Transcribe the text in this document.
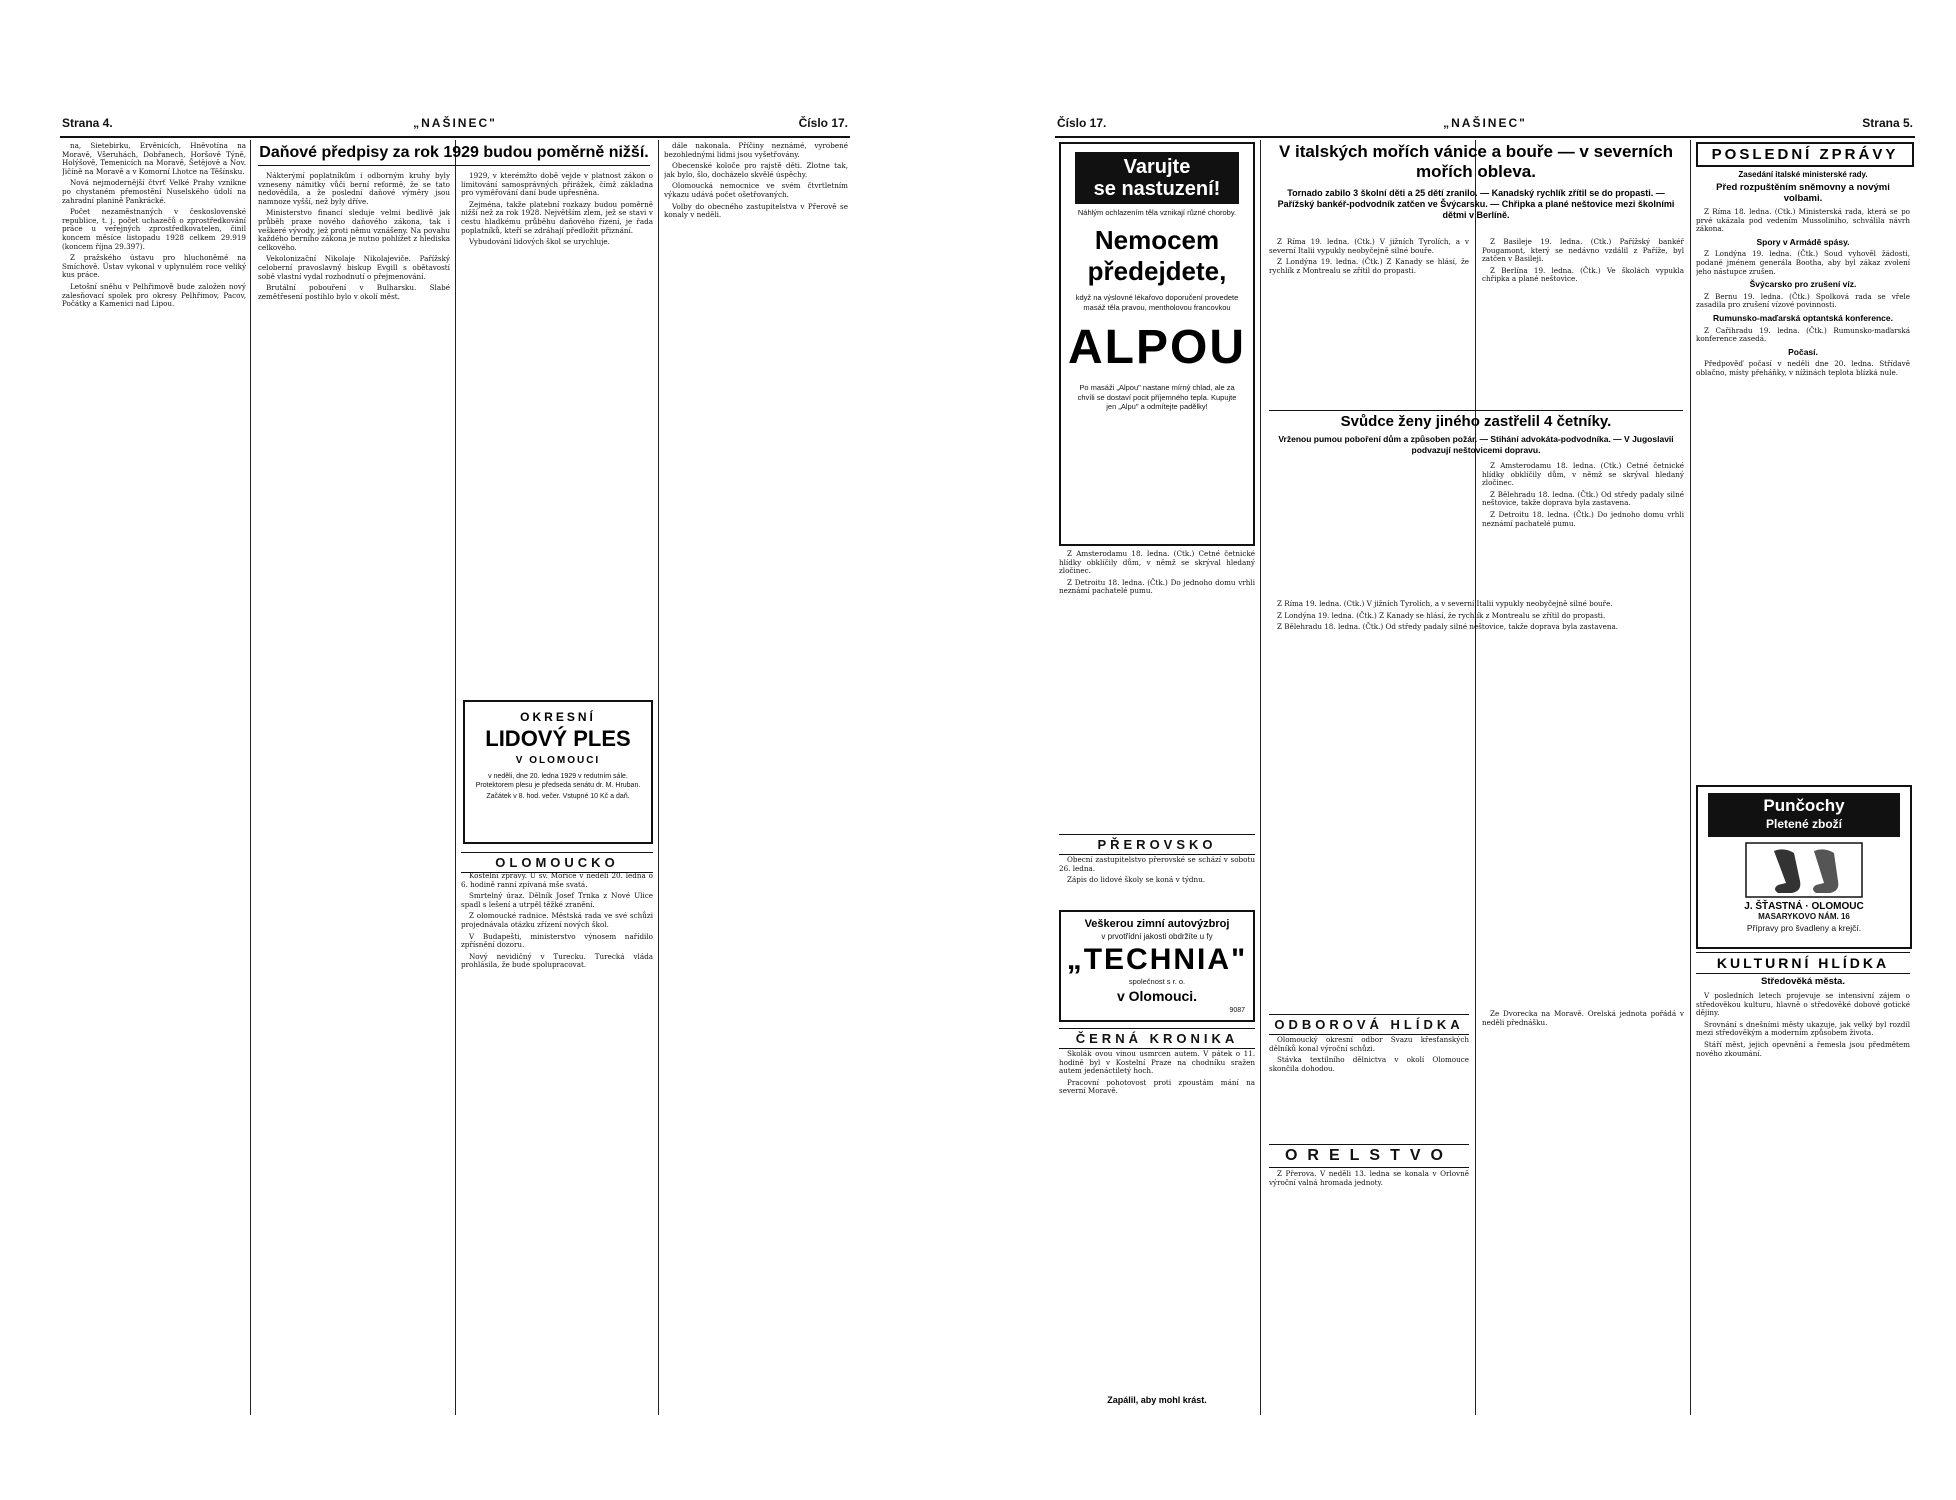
Strana 4.	„NAŠINEC"	Číslo 17.

na, Sietebirku, Ervěnicích, Hněvotína na Moravě, Všeruhách, Dobřanech, Horšově Týně, Holýšově, Temenicích na Moravě, Šetějově a Nov. Jičíně na Moravě a v Komorní Lhotce na Těšínsku.

Nová nejmodernější čtvrť Velké Prahy vznikne po chystaném přemostění Nuselského údolí na zahradní planině Pankrácké.

Počet nezaměstnaných v československé republice, t. j. počet uchazečů o zprostředkování práce u veřejných zprostředkovatelen, činil koncem měsíce listopadu 1928 celkem 29.919 (koncem října 29.397).

Z pražského ústavu pro hluchoněmé na Smíchově. Ústav vykonal v uplynulém roce veliký kus práce.

Letošní sněhu v Pelhřimově bude založen nový zalesňovací spolek pro okresy Pelhřimov, Pacov, Počátky a Kamenici nad Lipou.

Daňové předpisy za rok 1929 budou poměrně nižší.

Nákterýmí poplatníkům i odborným kruhy byly vzneseny námitky vůči berní reformě, že se tato nedovědila, a že poslední daňové výměry jsou namnoze vyšší, než byly dříve.

Ministerstvo financí sleduje velmi bedlivě jak průběh praxe nového daňového zákona, tak i veškeré vývody, jež proti němu vznášeny. Na povahu každého berního zákona je nutno pohlížet z hlediska celkového.

Vekolonizační Nikolaje Nikolajeviče. Pařížský celoberní pravoslavný biskup Evgill s obětavostí sobě vlastní vydal rozhodnutí o přejmenování.

Brutální pobouření v Bulharsku. Slabé zemětřesení postihlo bylo v okolí měst.

1929, v kterémžto době vejde v platnost zákon o limitování samosprávných přirážek, čímž základna pro vyměřování daní bude upřesněna.

Zejména, takže platební rozkazy budou poměrně nižší než za rok 1928. Největším zlem, jež se stavi v cestu hladkému průběhu daňového řízení, je řada poplatníků, kteří se zdráhají předložit přiznání.

Vybudování lidových škol se urychluje.

OKRESNÍ
LIDOVÝ PLES
V OLOMOUCI
v neděli, dne 20. ledna 1929 v redutním sále. Protektorem plesu je předseda senátu dr. M. Hruban.
Začátek v 8. hod. večer. Vstupné 10 Kč a daň.
OLOMOUCKO

Kostelní zprávy. U sv. Mořice v neděli 20. ledna o 6. hodině ranní zpívaná mše svatá.

Smrtelný úraz. Dělník Josef Trnka z Nové Ulice spadl s lešení a utrpěl těžké zranění.

Z olomoucké radnice. Městská rada ve své schůzi projednávala otázku zřízení nových škol.

V Budapešti, ministerstvo výnosem nařídilo zpřísnění dozoru.

Nový nevidičný v Turecku. Turecká vláda prohlásila, že bude spolupracovat.

dále nakonala. Příčiny neznámé, vyrobené bezohlednými lidmi jsou vyšetřovány.

Obecenské koloče pro rajstě děti. Zlotne tak, jak bylo, šlo, docházelo skvělé úspěchy.

Olomoucká nemocnice ve svém čtvrtletním výkazu udává počet ošetřovaných.

Volby do obecného zastupitelstva v Přerově se konaly v neděli.

Číslo 17.	„NAŠINEC"	Strana 5.
Varujte
se nastuzení!
Náhlým ochlazením těla vznikají různé choroby.
Nemocem
předejdete,
když na výslovné lékařovo doporučení provedete masáž těla pravou, mentholovou francovkou
ALPOU
Po masáži „Alpou" nastane mírný chlad, ale za chvíli se dostaví pocit příjemného tepla. Kupujte jen „Alpu" a odmítejte padělky!
V italských mořích vánice a bouře — v severních mořích obleva.
Tornado zabilo 3 školní děti a 25 dětí zranilo. — Kanadský rychlík zřítil se do propasti. — Pařížský bankéř-podvodník zatčen ve Švýcarsku. — Chřipka a plané neštovice mezi školními dětmi v Berlíně.

Z Říma 19. ledna. (Čtk.) V jižních Tyrolích, a v severní Italii vypukly neobyčejně silné bouře.

Z Londýna 19. ledna. (Čtk.) Z Kanady se hlásí, že rychlík z Montrealu se zřítil do propasti.

Z Basileje 19. ledna. (Čtk.) Pařížský bankéř Pougamont, který se nedávno vzdálil z Paříže, byl zatčen v Basileji.

Z Berlína 19. ledna. (Čtk.) Ve školách vypukla chřipka a plané neštovice.

Svůdce ženy jiného zastřelil 4 četníky.
Vrženou pumou poboření dům a způsoben požár. — Stihání advokáta-podvodníka. — V Jugoslavii podvazují neštovicemi dopravu.

Z Amsterodamu 18. ledna. (Čtk.) Četné četnické hlídky obklíčily dům, v němž se skrýval hledaný zločinec.

Z Bělehradu 18. ledna. (Čtk.) Od středy padaly silné neštovice, takže doprava byla zastavena.

Z Detroitu 18. ledna. (Čtk.) Do jednoho domu vrhli neznámí pachatelé pumu.

Z Amsterodamu 18. ledna. (Čtk.) Četné četnické hlídky obklíčily dům, v němž se skrýval hledaný zločinec.

Z Detroitu 18. ledna. (Čtk.) Do jednoho domu vrhli neznámí pachatelé pumu.

PŘEROVSKO

Obecní zastupitelstvo přerovské se schází v sobotu 26. ledna.

Zápis do lidové školy se koná v týdnu.

Veškerou zimní autovýzbroj
v prvotřídní jakosti obdržíte u fy
„TECHNIA"
společnost s r. o.
v Olomouci.
9087
ČERNÁ KRONIKA

Skolák ovou vinou usmrcen autem. V pátek o 11. hodině byl v Kostelní Praze na chodníku sražen autem jedenáctiletý hoch.

Pracovní pohotovost proti zpoustám mání na severní Moravě.

Zapálil, aby mohl krást.

Z Říma 19. ledna. (Čtk.) V jižních Tyrolích, a v severní Italii vypukly neobyčejně silné bouře.

Z Londýna 19. ledna. (Čtk.) Z Kanady se hlásí, že rychlík z Montrealu se zřítil do propasti.

Z Bělehradu 18. ledna. (Čtk.) Od středy padaly silné neštovice, takže doprava byla zastavena.

ODBOROVÁ HLÍDKA

Olomoucký okresní odbor Svazu křesťanských dělníků konal výroční schůzi.

Stávka textilního dělnictva v okolí Olomouce skončila dohodou.

ORELSTVO

Z Přerova. V neděli 13. ledna se konala v Orlovně výroční valná hromada jednoty.

Ze Dvorecka na Moravě. Orelská jednota pořádá v neděli přednášku.

POSLEDNÍ ZPRÁVY
Zasedání italské ministerské rady.
Před rozpuštěním sněmovny a novými volbami.

Z Říma 18. ledna. (Čtk.) Ministerská rada, která se po prvé ukázala pod vedením Mussoliniho, schválila návrh zákona.

Spory v Armádě spásy.

Z Londýna 19. ledna. (Čtk.) Soud vyhověl žádosti, podané jménem generála Bootha, aby byl zákaz zvolení jeho nástupce zrušen.

Švýcarsko pro zrušení víz.

Z Bernu 19. ledna. (Čtk.) Spolková rada se vřele zasadila pro zrušení vízové povinnosti.

Rumunsko-maďarská optantská konference.

Z Cařihradu 19. ledna. (Čtk.) Rumunsko-maďarská konference zasedá.

Počasí.

Předpověď počasí v neděli dne 20. ledna. Střídavě oblačno, místy přeháňky, v nížinách teplota blízká nule.

Punčochy
Pletené zboží
J. ŠŤASTNÁ · OLOMOUC
MASARYKOVO NÁM. 16
Přípravy pro švadleny a krejčí.
KULTURNÍ HLÍDKA
Středověká města.

V posledních letech projevuje se intensivní zájem o středověkou kulturu, hlavně o středověké dobové gotické dějiny.

Srovnání s dnešními městy ukazuje, jak velký byl rozdíl mezi středověkým a moderním způsobem života.

Stáří měst, jejich opevnění a řemesla jsou předmětem nového zkoumání.
